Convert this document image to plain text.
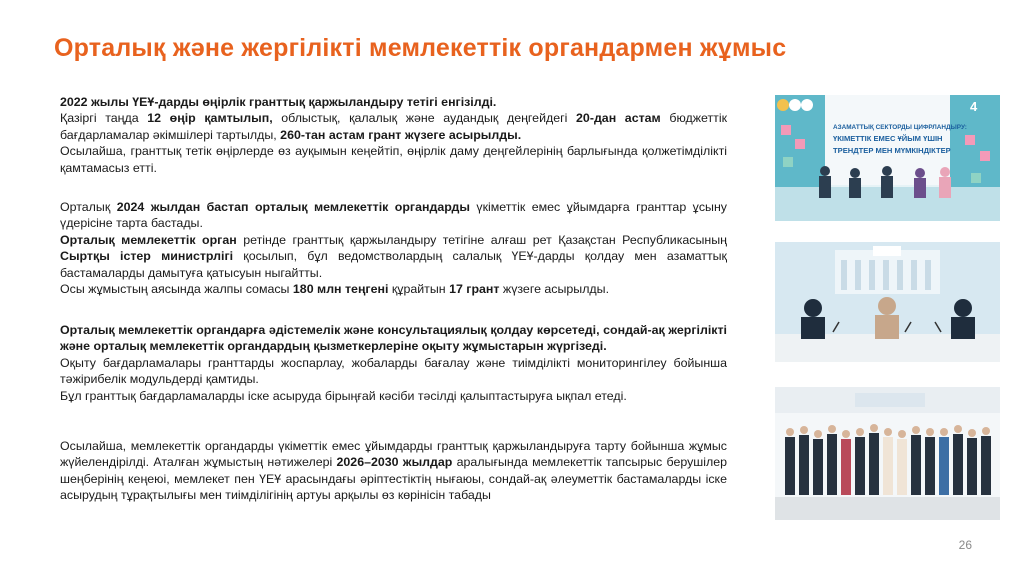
Орталық және жергілікті мемлекеттік органдармен жұмыс

2022 жылы ҮЕҰ-дарды өңірлік гранттық қаржыландыру тетігі енгізілді.

Қазіргі таңда 12 өңір қамтылып, облыстық, қалалық және аудандық деңгейдегі 20-дан астам бюджеттік бағдарламалар әкімшілері тартылды, 260-тан астам грант жүзеге асырылды.

Осылайша, гранттық тетік өңірлерде өз ауқымын кеңейтіп, өңірлік даму деңгейлерінің барлығында қолжетімділікті қамтамасыз етті.

Орталық 2024 жылдан бастап орталық мемлекеттік органдарды үкіметтік емес ұйымдарға гранттар ұсыну үдерісіне тарта бастады.

Орталық мемлекеттік орган ретінде гранттық қаржыландыру тетігіне алғаш рет Қазақстан Республикасының Сыртқы істер министрлігі қосылып, бұл ведомстволардың салалық ҮЕҰ-дарды қолдау мен азаматтық бастамаларды дамытуға қатысуын ныгайтты.

Осы жұмыстың аясында жалпы сомасы 180 млн теңгені құрайтын 17 грант жүзеге асырылды.

Орталық мемлекеттік органдарға әдістемелік және консультациялық қолдау көрсетеді, сондай-ақ жергілікті және орталық мемлекеттік органдардың қызметкерлеріне оқыту жұмыстарын жүргізеді.

Оқыту бағдарламалары гранттарды жоспарлау, жобаларды бағалау және тиімділікті мониторингілеу бойынша тәжірибелік модульдерді қамтиды.

Бұл гранттық бағдарламаларды іске асыруда бірыңғай кәсіби тәсілді қалыптастыруға ықпал етеді.

Осылайша, мемлекеттік органдарды үкіметтік емес ұйымдарды гранттық қаржыландыруға тарту бойынша жұмыс жүйелендірілді. Аталған жұмыстың нәтижелері 2026–2030 жылдар аралығында мемлекеттік тапсырыс берушілер шеңберінің кеңеюі, мемлекет пен ҮЕҰ арасындағы әріптестіктің нығаюы, сондай-ақ әлеуметтік бастамаларды іске асырудың тұрақтылығы мен тиімділігінің артуы арқылы өз көрінісін табады

АЗАМАТТЫҚ СЕКТОРДЫ ЦИФРЛАНДЫРУ:
ҮКІМЕТТІК ЕМЕС ҰЙЫМ ҮШІН
ТРЕНДТЕР МЕН МҮМКІНДІКТЕР
4
26
